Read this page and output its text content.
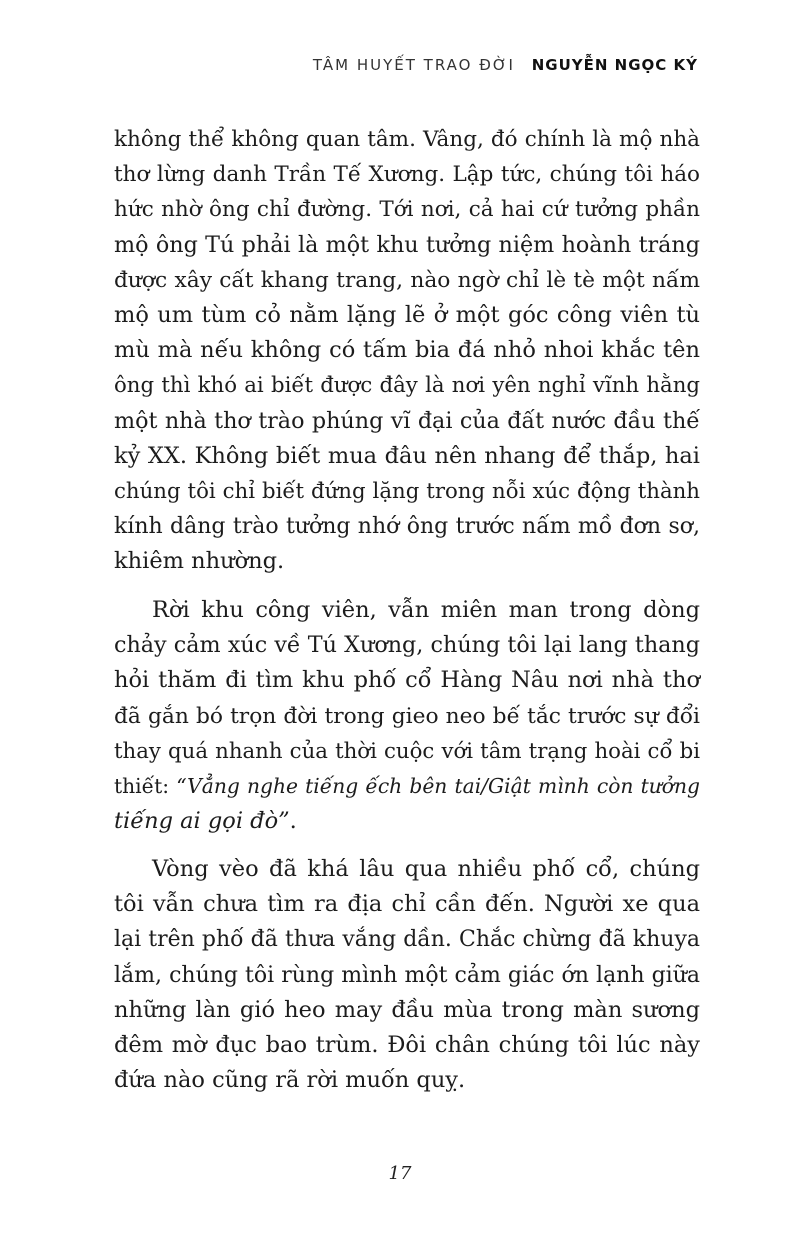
TÂM HUYẾT TRAO ĐỜI NGUYỄN NGỌC KÝ
không thể không quan tâm. Vâng, đó chính là mộ nhà
thơ lừng danh Trần Tế Xương. Lập tức, chúng tôi háo
hức nhờ ông chỉ đường. Tới nơi, cả hai cứ tưởng phần
mộ ông Tú phải là một khu tưởng niệm hoành tráng
được xây cất khang trang, nào ngờ chỉ lè tè một nấm
mộ um tùm cỏ nằm lặng lẽ ở một góc công viên tù
mù mà nếu không có tấm bia đá nhỏ nhoi khắc tên
ông thì khó ai biết được đây là nơi yên nghỉ vĩnh hằng
một nhà thơ trào phúng vĩ đại của đất nước đầu thế
kỷ XX. Không biết mua đâu nên nhang để thắp, hai
chúng tôi chỉ biết đứng lặng trong nỗi xúc động thành
kính dâng trào tưởng nhớ ông trước nấm mồ đơn sơ,
khiêm nhường.
Rời khu công viên, vẫn miên man trong dòng
chảy cảm xúc về Tú Xương, chúng tôi lại lang thang
hỏi thăm đi tìm khu phố cổ Hàng Nâu nơi nhà thơ
đã gắn bó trọn đời trong gieo neo bế tắc trước sự đổi
thay quá nhanh của thời cuộc với tâm trạng hoài cổ bi
thiết: “Vẳng nghe tiếng ếch bên tai/Giật mình còn tưởng
tiếng ai gọi đò”.
Vòng vèo đã khá lâu qua nhiều phố cổ, chúng
tôi vẫn chưa tìm ra địa chỉ cần đến. Người xe qua
lại trên phố đã thưa vắng dần. Chắc chừng đã khuya
lắm, chúng tôi rùng mình một cảm giác ớn lạnh giữa
những làn gió heo may đầu mùa trong màn sương
đêm mờ đục bao trùm. Đôi chân chúng tôi lúc này
đứa nào cũng rã rời muốn quỵ.
17
